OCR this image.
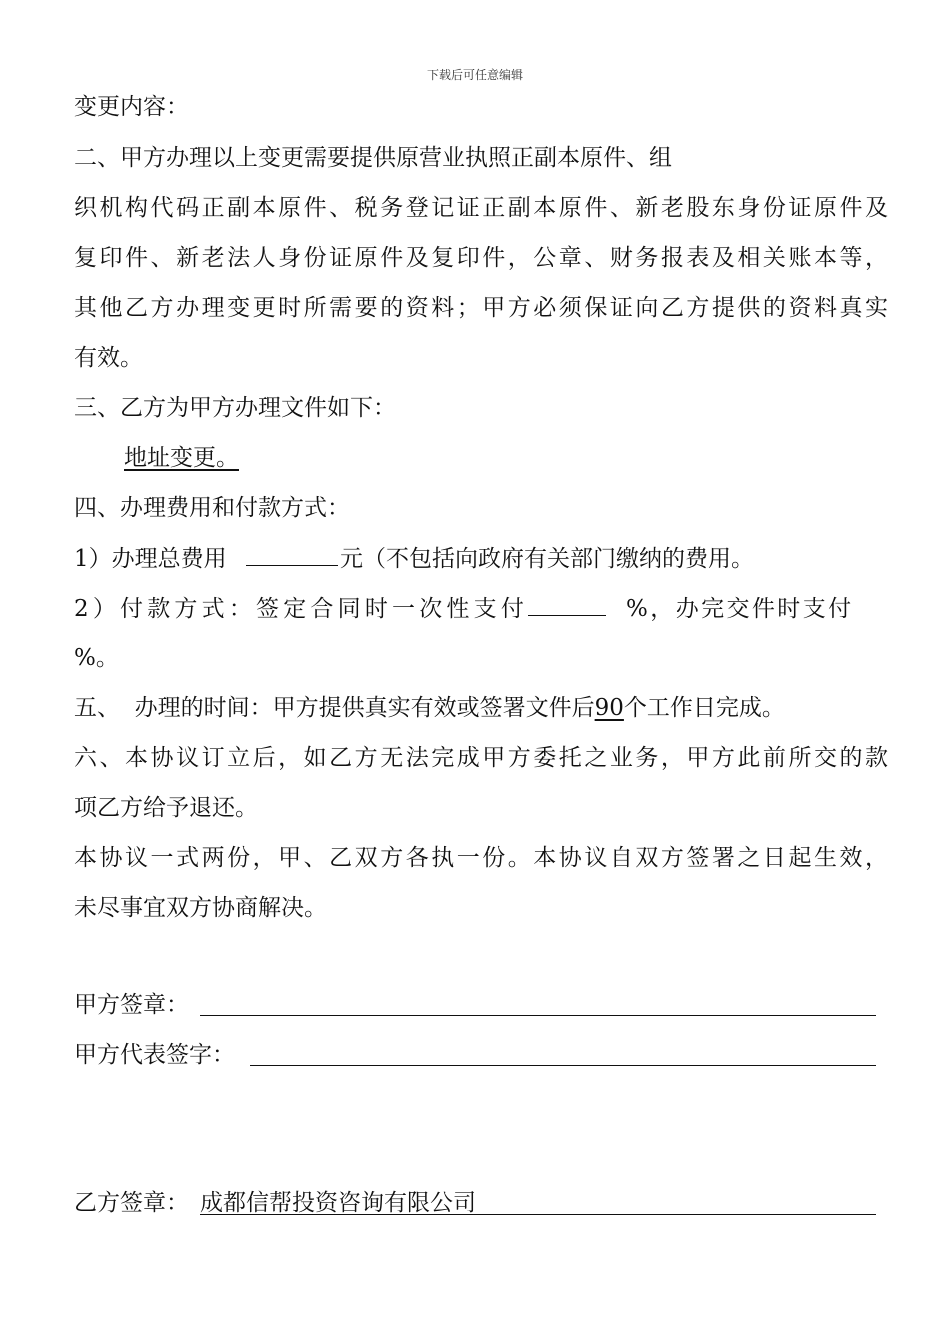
下载后可任意编辑
变更内容：
二、甲方办理以上变更需要提供原营业执照正副本原件、组
织机构代码正副本原件、税务登记证正副本原件、新老股东身份证原件及
复印件、新老法人身份证原件及复印件，公章、财务报表及相关账本等，
其他乙方办理变更时所需要的资料；甲方必须保证向乙方提供的资料真实
有效。
三、乙方为甲方办理文件如下：
地址变更。
四、办理费用和付款方式：
1）办理总费用	元（不包括向政府有关部门缴纳的费用。
2）付款方式：签定合同时一次性支付	%，办完交件时支付
%。
五、  办理的时间：甲方提供真实有效或签署文件后90个工作日完成。
六、本协议订立后，如乙方无法完成甲方委托之业务，甲方此前所交的款
项乙方给予退还。
本协议一式两份，甲、乙双方各执一份。本协议自双方签署之日起生效，
未尽事宜双方协商解决。
甲方签章：
甲方代表签字：
乙方签章： 成都信帮投资咨询有限公司
